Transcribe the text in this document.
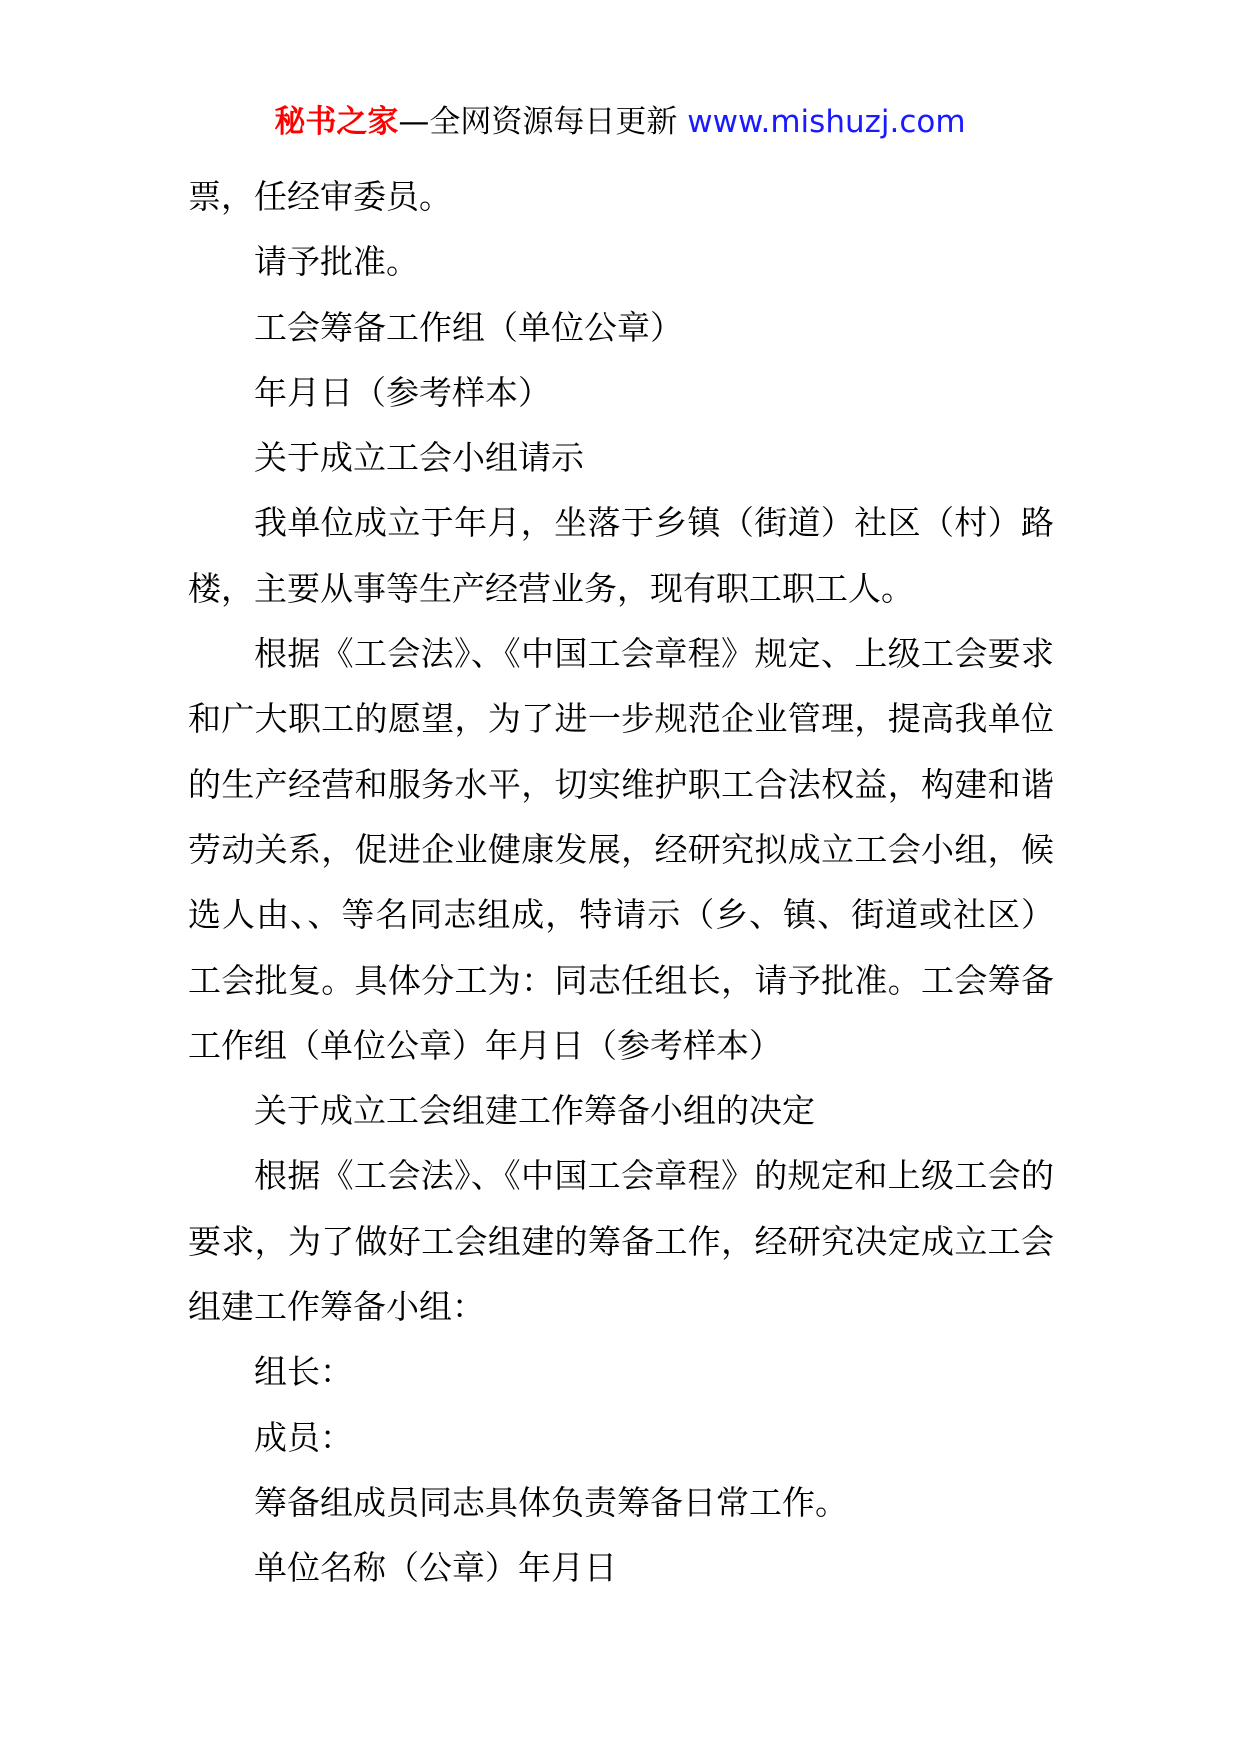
秘书之家—全网资源每日更新 www.mishuzj.com

票，任经审委员。

请予批准。

工会筹备工作组（单位公章）

年月日（参考样本）

关于成立工会小组请示

我单位成立于年月，坐落于乡镇（街道）社区（村）路楼，主要从事等生产经营业务，现有职工职工人。

根据《工会法》、《中国工会章程》规定、上级工会要求和广大职工的愿望，为了进一步规范企业管理，提高我单位的生产经营和服务水平，切实维护职工合法权益，构建和谐劳动关系，促进企业健康发展，经研究拟成立工会小组，候选人由、、等名同志组成，特请示（乡、镇、街道或社区）工会批复。具体分工为：同志任组长，请予批准。工会筹备工作组（单位公章）年月日（参考样本）

关于成立工会组建工作筹备小组的决定

根据《工会法》、《中国工会章程》的规定和上级工会的要求，为了做好工会组建的筹备工作，经研究决定成立工会组建工作筹备小组：

组长：

成员：

筹备组成员同志具体负责筹备日常工作。

单位名称（公章）年月日
